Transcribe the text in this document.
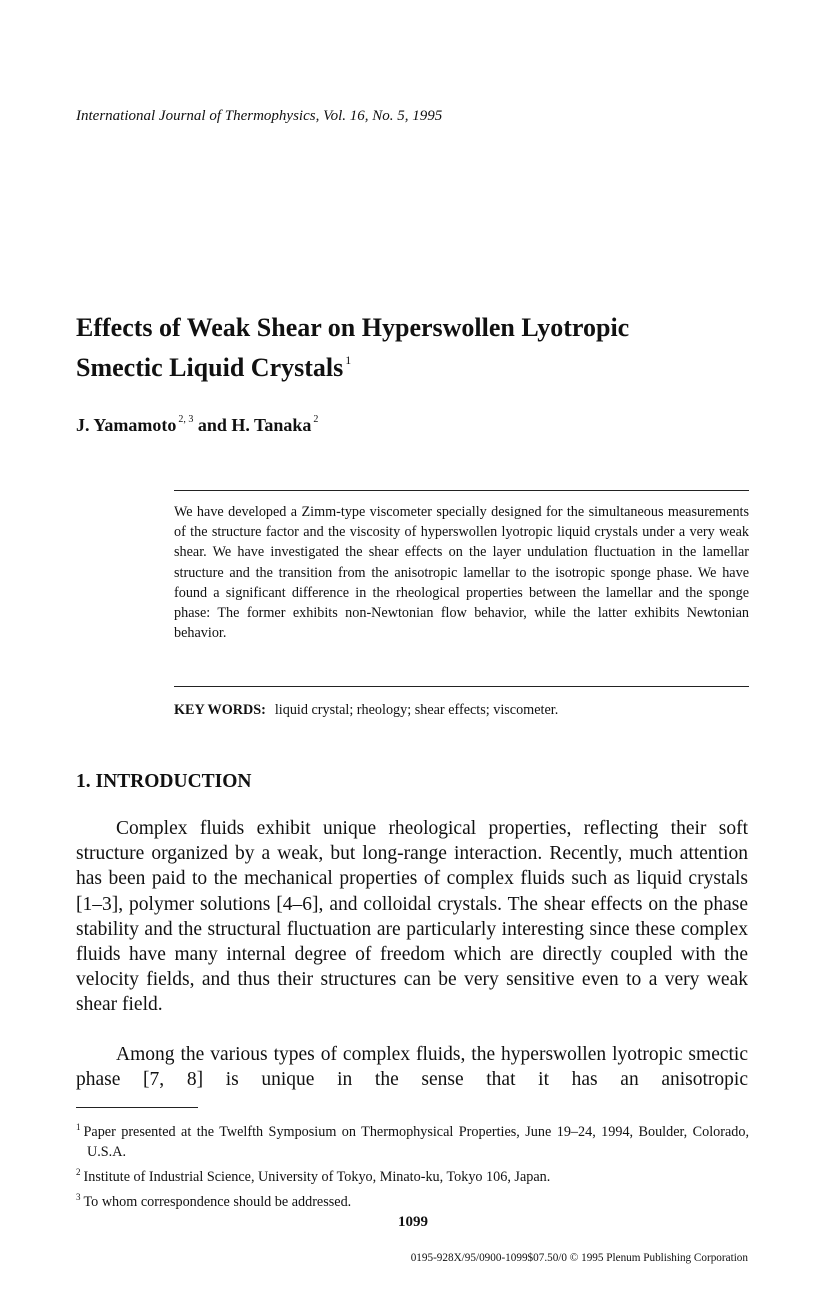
International Journal of Thermophysics, Vol. 16, No. 5, 1995
Effects of Weak Shear on Hyperswollen Lyotropic
Smectic Liquid Crystals $^1$
J. Yamamoto $^{2, 3}$ and H. Tanaka $^2$
We have developed a Zimm-type viscometer specially designed for the simultaneous measurements of the structure factor and the viscosity of hyperswollen lyotropic liquid crystals under a very weak shear. We have investigated the shear effects on the layer undulation fluctuation in the lamellar structure and the transition from the anisotropic lamellar to the isotropic sponge phase. We have found a significant difference in the rheological properties between the lamellar and the sponge phase: The former exhibits non-Newtonian flow behavior, while the latter exhibits Newtonian behavior.
KEY WORDS: liquid crystal; rheology; shear effects; viscometer.
1. INTRODUCTION
Complex fluids exhibit unique rheological properties, reflecting their soft structure organized by a weak, but long-range interaction. Recently, much attention has been paid to the mechanical properties of complex fluids such as liquid crystals [1–3], polymer solutions [4–6], and colloidal crystals. The shear effects on the phase stability and the structural fluctuation are particularly interesting since these complex fluids have many internal degree of freedom which are directly coupled with the velocity fields, and thus their structures can be very sensitive even to a very weak shear field.
Among the various types of complex fluids, the hyperswollen lyotropic smectic phase [7, 8] is unique in the sense that it has an anisotropic
$^1$ Paper presented at the Twelfth Symposium on Thermophysical Properties, June 19–24, 1994, Boulder, Colorado, U.S.A.
$^2$ Institute of Industrial Science, University of Tokyo, Minato-ku, Tokyo 106, Japan.
$^3$ To whom correspondence should be addressed.
1099
0195-928X/95/0900-1099$07.50/0 © 1995 Plenum Publishing Corporation
